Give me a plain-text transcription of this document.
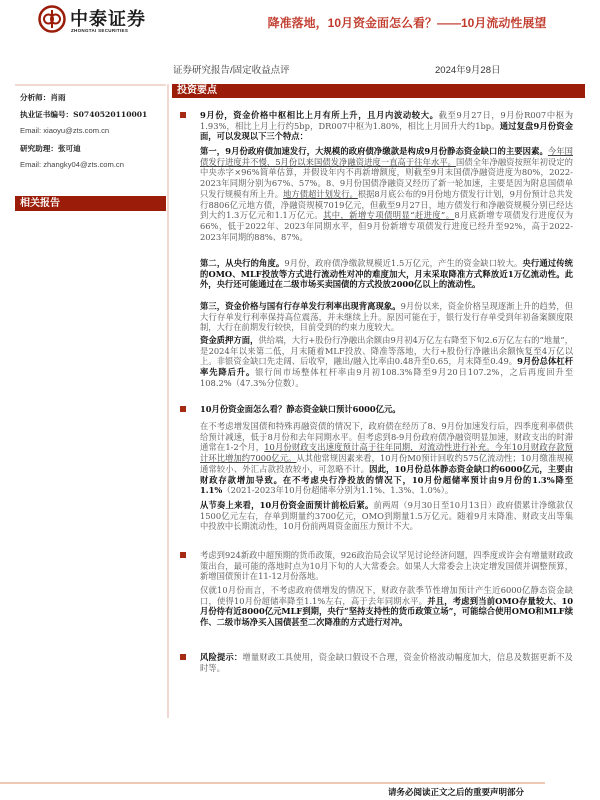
中泰证券
ZHONGTAI SECURITIES
降准落地，10月资金面怎么看？——10月流动性展望
证券研究报告/固定收益点评	2024年9月28日
分析师：肖雨
执业证书编号：S0740520110001
Email: xiaoyu@zts.com.cn
研究助理：张可迪
Email: zhangky04@zts.com.cn
相关报告
投资要点
9月份，资金价格中枢相比上月有所上升，且月内波动较大。截至9月27日，9月份R007中枢为1.93%，相比上月上行约5bp，DR007中枢为1.80%，相比上月回升大约1bp。通过复盘9月份资金面，可以发现以下三个特点：
第一，9月份政府债加速发行，大规模的政府债净缴款是构成9月份静态资金缺口的主要因素。今年国债发行进度并不慢，5月份以来国债发净融资进度一直高于往年水平。国债全年净融资按照年初设定的中央赤字×96%简单估算，并假设年内不再新增额度，则截至9月末国债净融资进度为80%，2022-2023年同期分别为67%、57%。8、9月份国债净融资又经历了新一轮加速，主要是因为附息国债单只发行规模有所上升。地方债超计划发行。根据8月底公布的9月份地方债发行计划，9月份预计总共发行8806亿元地方债，净融资规模7019亿元，但截至9月27日，地方债发行和净融资规模分别已经达到大约1.3万亿元和1.1万亿元。其中，新增专项债明显“赶进度”。8月底新增专项债发行进度仅为66%，低于2022年、2023年同期水平，但9月份新增专项债发行进度已经升至92%，高于2022-2023年同期的88%、87%。
第二，从央行的角度。9月份，政府债净缴款规模近1.5万亿元，产生的资金缺口较大。央行通过传统的OMO、MLF投放等方式进行流动性对冲的难度加大，月末采取降准方式释放近1万亿流动性。此外，央行还可能通过在二级市场买卖国债的方式投放2000亿以上的流动性。
第三，资金价格与国有行存单发行利率出现背离现象。9月份以来，资金价格呈现逐渐上升的趋势，但大行存单发行利率保持高位震荡，并未继续上升。原因可能在于，银行发行存单受到年初备案额度限制，大行在前期发行较快，目前受到的约束力度较大。
资金质押方面，供给端，大行+股份行净融出余额由9月初4万亿左右降至下旬2.6万亿左右的“地量”，是2024年以来第二低，月末随着MLF投放、降准等落地，大行+股份行净融出余额恢复至4万亿以上。非银资金缺口先走阔、后收窄，融出/融入比率由0.48升至0.65，月末降至0.49。9月份总体杠杆率先降后升。银行间市场整体杠杆率由9月初108.3%降至9月20日107.2%，之后再度回升至108.2%（47.3%分位数）。
10月份资金面怎么看？静态资金缺口预计6000亿元。
在不考虑增发国债和特殊再融资债的情况下，政府债在经历了8、9月份加速发行后，四季度利率债供给预计减速，低于8月份和去年同期水平。但考虑到8-9月份政府债净融资明显加速，财政支出的时滞通常在1-2个月，10月份财政支出速度预计高于往年同期，对流动性进行补充。今年10月财政存款预计环比增加约7000亿元。从其他常规因素来看，10月份M0预计回收约575亿流动性；10月缴准规模通常较小、外汇占款投放较小，可忽略不计。因此，10月份总体静态资金缺口约6000亿元，主要由财政存款增加导致。在不考虑央行净投放的情况下，10月份超储率预计由9月份的1.3%降至1.1%（2021-2023年10月份超储率分别为1.1%、1.3%、1.0%）。
从节奏上来看，10月份资金面预计前松后紧。前两周（9月30日至10月13日）政府债累计净缴款仅1500亿元左右，存单到期量约3700亿元，OMO到期量1.5万亿元。随着9月末降准、财政支出等集中投放中长期流动性，10月份前两周资金面压力预计不大。
考虑到924新政中超预期的货币政策，926政治局会议罕见讨论经济问题，四季度或许会有增量财政政策出台，最可能的落地时点为10月下旬的人大常委会。如果人大常委会上决定增发国债并调整预算，新增国债预计在11-12月份落地。
仅就10月份而言，不考虑政府债增发的情况下，财政存款季节性增加预计产生近6000亿静态资金缺口，使得10月份超储率降至1.1%左右，高于去年同期水平。并且，考虑到当前OMO存量较大、10月份待有近8000亿元MLF到期，央行“坚持支持性的货币政策立场”，可能综合使用OMO和MLF续作、二级市场净买入国债甚至二次降准的方式进行对冲。
风险提示：增量财政工具使用，资金缺口假设不合理，资金价格波动幅度加大，信息及数据更新不及时等。
请务必阅读正文之后的重要声明部分
